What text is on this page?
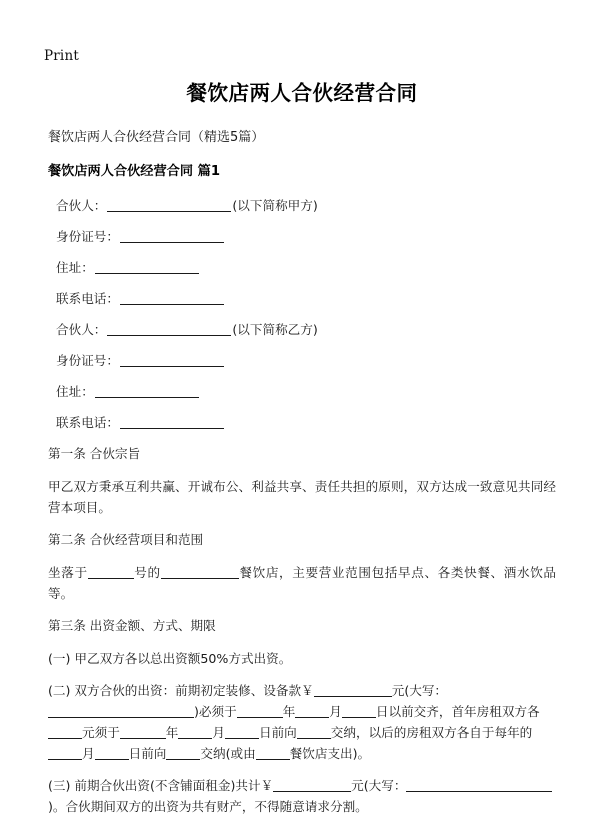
Print
餐饮店两人合伙经营合同

餐饮店两人合伙经营合同（精选5篇）

餐饮店两人合伙经营合同 篇1

合伙人：	(以下简称甲方)
身份证号：
住址：
联系电话：
合伙人：	(以下简称乙方)
身份证号：
住址：
联系电话：

第一条 合伙宗旨

甲乙双方秉承互利共赢、开诚布公、利益共享、责任共担的原则，双方达成一致意见共同经营本项目。

第二条 合伙经营项目和范围

坐落于	号的	餐饮店，主要营业范围包括早点、各类快餐、酒水饮品等。

第三条 出资金额、方式、期限

(一) 甲乙双方各以总出资额50%方式出资。

(二) 双方合伙的出资：前期初定装修、设备款￥	元(大写：)必须于	年	月	日以前交齐，首年房租双方各元须于	年	月	日前向	交纳，以后的房租双方各自于每年的月	日前向	交纳(或由	餐饮店支出)。

(三) 前期合伙出资(不含铺面租金)共计￥	元(大写：)。合伙期间双方的出资为共有财产，不得随意请求分割。
